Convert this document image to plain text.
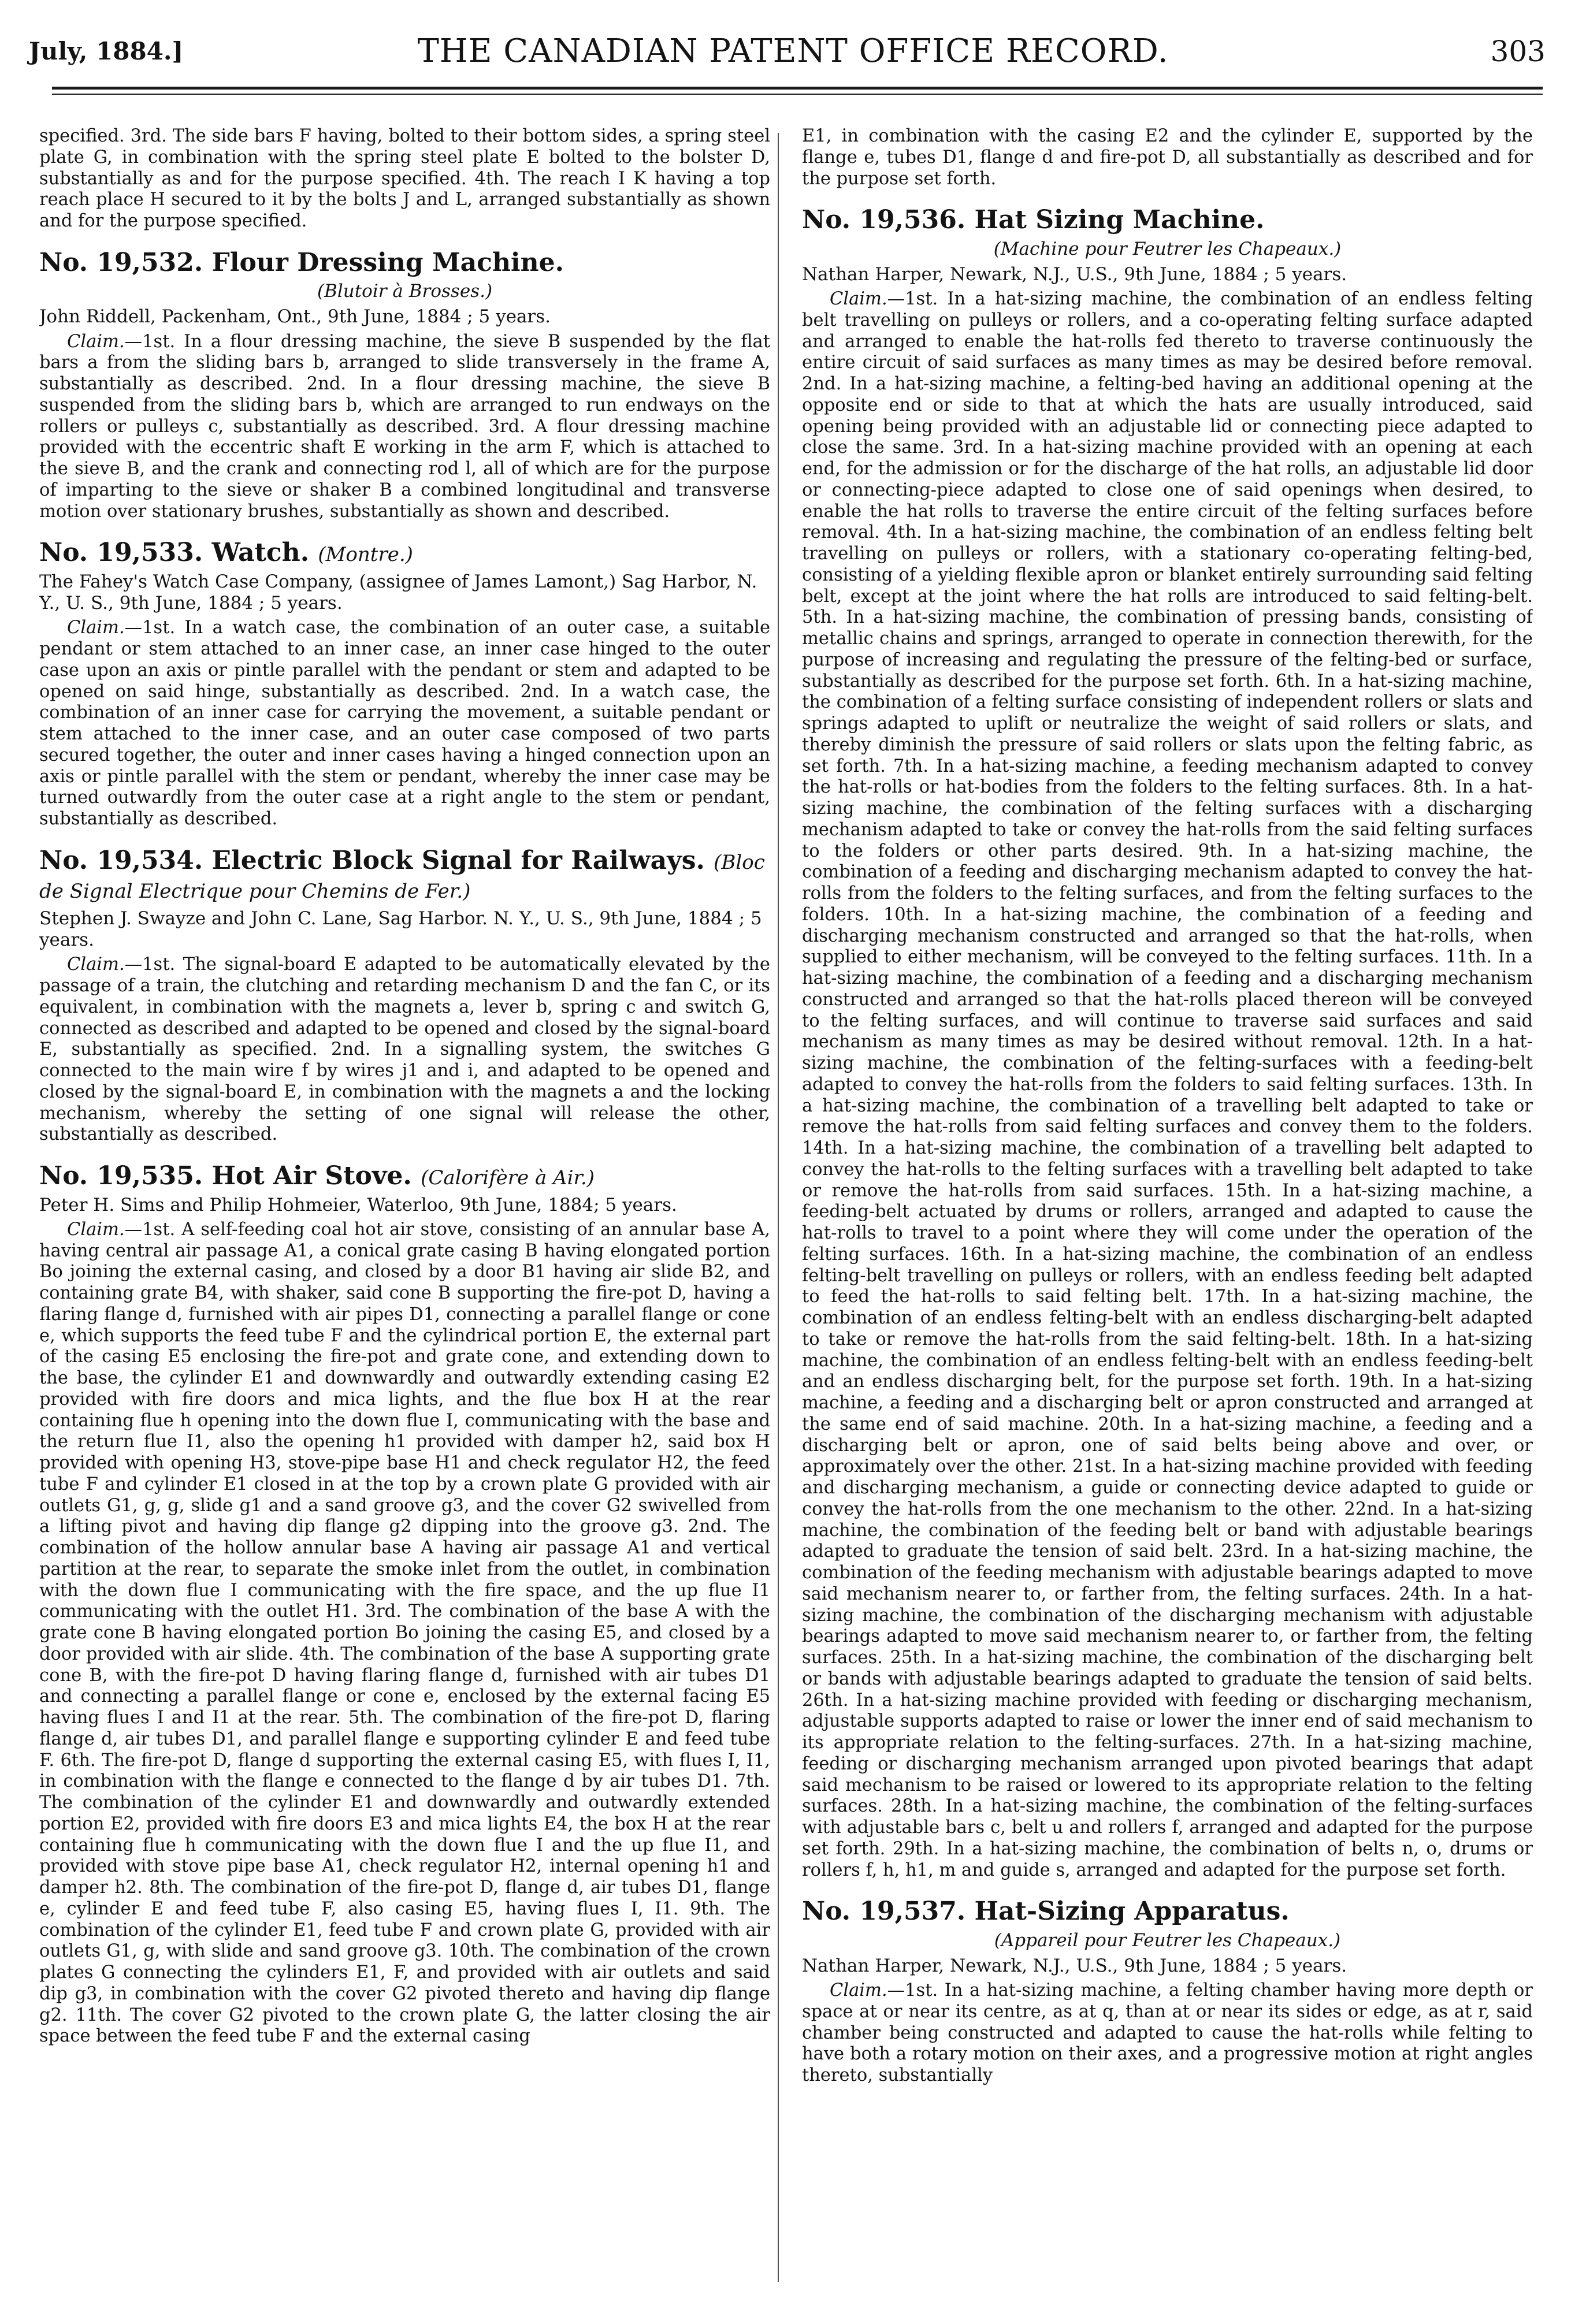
July, 1884.]	THE CANADIAN PATENT OFFICE RECORD.	303

specified. 3rd. The side bars F having, bolted to their bottom sides, a spring steel plate G, in combination with the spring steel plate E bolted to the bolster D, substantially as and for the purpose specified. 4th. The reach I K having a top reach place H secured to it by the bolts J and L, arranged substantially as shown and for the purpose specified.

No. 19,532. Flour Dressing Machine.
(Blutoir à Brosses.)

John Riddell, Packenham, Ont., 9th June, 1884 ; 5 years.

Claim.—1st. In a flour dressing machine, the sieve B suspended by the flat bars a from the sliding bars b, arranged to slide transversely in the frame A, substantially as described. 2nd. In a flour dressing machine, the sieve B suspended from the sliding bars b, which are arranged to run endways on the rollers or pulleys c, substantially as described. 3rd. A flour dressing machine provided with the eccentric shaft E working in the arm F, which is attached to the sieve B, and the crank and connecting rod l, all of which are for the purpose of imparting to the sieve or shaker B a combined longitudinal and transverse motion over stationary brushes, substantially as shown and described.

No. 19,533. Watch. (Montre.)

The Fahey's Watch Case Company, (assignee of James Lamont,) Sag Harbor, N. Y., U. S., 9th June, 1884 ; 5 years.

Claim.—1st. In a watch case, the combination of an outer case, a suitable pendant or stem attached to an inner case, an inner case hinged to the outer case upon an axis or pintle parallel with the pendant or stem and adapted to be opened on said hinge, substantially as described. 2nd. In a watch case, the combination of an inner case for carrying the movement, a suitable pendant or stem attached to the inner case, and an outer case composed of two parts secured together, the outer and inner cases having a hinged connection upon an axis or pintle parallel with the stem or pendant, whereby the inner case may be turned outwardly from the outer case at a right angle to the stem or pendant, substantially as described.

No. 19,534. Electric Block Signal for Railways. (Bloc de Signal Electrique pour Chemins de Fer.)

Stephen J. Swayze and John C. Lane, Sag Harbor. N. Y., U. S., 9th June, 1884 ; 5 years.

Claim.—1st. The signal-board E adapted to be automatically elevated by the passage of a train, the clutching and retarding mechanism D and the fan C, or its equivalent, in combination with the magnets a, lever b, spring c and switch G, connected as described and adapted to be opened and closed by the signal-board E, substantially as specified. 2nd. In a signalling system, the switches G connected to the main wire f by wires j1 and i, and adapted to be opened and closed by the signal-board E, in combination with the magnets a and the locking mechanism, whereby the setting of one signal will release the other, substantially as described.

No. 19,535. Hot Air Stove. (Calorifère à Air.)

Peter H. Sims and Philip Hohmeier, Waterloo, 9th June, 1884; 5 years.

Claim.—1st. A self-feeding coal hot air stove, consisting of an annular base A, having central air passage A1, a conical grate casing B having elongated portion Bo joining the external casing, and closed by a door B1 having air slide B2, and containing grate B4, with shaker, said cone B supporting the fire-pot D, having a flaring flange d, furnished with air pipes D1, connecting a parallel flange or cone e, which supports the feed tube F and the cylindrical portion E, the external part of the casing E5 enclosing the fire-pot and grate cone, and extending down to the base, the cylinder E1 and downwardly and outwardly extending casing E2 provided with fire doors and mica lights, and the flue box H at the rear containing flue h opening into the down flue I, communicating with the base and the return flue I1, also the opening h1 provided with damper h2, said box H provided with opening H3, stove-pipe base H1 and check regulator H2, the feed tube F and cylinder E1 closed in at the top by a crown plate G provided with air outlets G1, g, g, slide g1 and a sand groove g3, and the cover G2 swivelled from a lifting pivot and having dip flange g2 dipping into the groove g3. 2nd. The combination of the hollow annular base A having air passage A1 and vertical partition at the rear, to separate the smoke inlet from the outlet, in combination with the down flue I communicating with the fire space, and the up flue I1 communicating with the outlet H1. 3rd. The combination of the base A with the grate cone B having elongated portion Bo joining the casing E5, and closed by a door provided with air slide. 4th. The combination of the base A supporting grate cone B, with the fire-pot D having flaring flange d, furnished with air tubes D1 and connecting a parallel flange or cone e, enclosed by the external facing E5 having flues I and I1 at the rear. 5th. The combination of the fire-pot D, flaring flange d, air tubes D1, and parallel flange e supporting cylinder E and feed tube F. 6th. The fire-pot D, flange d supporting the external casing E5, with flues I, I1, in combination with the flange e connected to the flange d by air tubes D1. 7th. The combination of the cylinder E1 and downwardly and outwardly extended portion E2, provided with fire doors E3 and mica lights E4, the box H at the rear containing flue h communicating with the down flue I and the up flue I1, and provided with stove pipe base A1, check regulator H2, internal opening h1 and damper h2. 8th. The combination of the fire-pot D, flange d, air tubes D1, flange e, cylinder E and feed tube F, also casing E5, having flues I, I1. 9th. The combination of the cylinder E1, feed tube F and crown plate G, provided with air outlets G1, g, with slide and sand groove g3. 10th. The combination of the crown plates G connecting the cylinders E1, F, and provided with air outlets and said dip g3, in combination with the cover G2 pivoted thereto and having dip flange g2. 11th. The cover G2 pivoted to the crown plate G, the latter closing the air space between the feed tube F and the external casing

E1, in combination with the casing E2 and the cylinder E, supported by the flange e, tubes D1, flange d and fire-pot D, all substantially as described and for the purpose set forth.

No. 19,536. Hat Sizing Machine.
(Machine pour Feutrer les Chapeaux.)

Nathan Harper, Newark, N.J., U.S., 9th June, 1884 ; 5 years.

Claim.—1st. In a hat-sizing machine, the combination of an endless felting belt travelling on pulleys or rollers, and a co-operating felting surface adapted and arranged to enable the hat-rolls fed thereto to traverse continuously the entire circuit of said surfaces as many times as may be desired before removal. 2nd. In a hat-sizing machine, a felting-bed having an additional opening at the opposite end or side to that at which the hats are usually introduced, said opening being provided with an adjustable lid or connecting piece adapted to close the same. 3rd. In a hat-sizing machine provided with an opening at each end, for the admission or for the discharge of the hat rolls, an adjustable lid door or connecting-piece adapted to close one of said openings when desired, to enable the hat rolls to traverse the entire circuit of the felting surfaces before removal. 4th. In a hat-sizing machine, the combination of an endless felting belt travelling on pulleys or rollers, with a stationary co-operating felting-bed, consisting of a yielding flexible apron or blanket entirely surrounding said felting belt, except at the joint where the hat rolls are introduced to said felting-belt. 5th. In a hat-sizing machine, the combination of pressing bands, consisting of metallic chains and springs, arranged to operate in connection therewith, for the purpose of increasing and regulating the pressure of the felting-bed or surface, substantially as described for the purpose set forth. 6th. In a hat-sizing machine, the combination of a felting surface consisting of independent rollers or slats and springs adapted to uplift or neutralize the weight of said rollers or slats, and thereby diminish the pressure of said rollers or slats upon the felting fabric, as set forth. 7th. In a hat-sizing machine, a feeding mechanism adapted to convey the hat-rolls or hat-bodies from the folders to the felting surfaces. 8th. In a hat-sizing machine, the combination of the felting surfaces with a discharging mechanism adapted to take or convey the hat-rolls from the said felting surfaces to the folders or other parts desired. 9th. In a hat-sizing machine, the combination of a feeding and discharging mechanism adapted to convey the hat-rolls from the folders to the felting surfaces, and from the felting surfaces to the folders. 10th. In a hat-sizing machine, the combination of a feeding and discharging mechanism constructed and arranged so that the hat-rolls, when supplied to either mechanism, will be conveyed to the felting surfaces. 11th. In a hat-sizing machine, the combination of a feeding and a discharging mechanism constructed and arranged so that the hat-rolls placed thereon will be conveyed to the felting surfaces, and will continue to traverse said surfaces and said mechanism as many times as may be desired without removal. 12th. In a hat-sizing machine, the combination of the felting-surfaces with a feeding-belt adapted to convey the hat-rolls from the folders to said felting surfaces. 13th. In a hat-sizing machine, the combination of a travelling belt adapted to take or remove the hat-rolls from said felting surfaces and convey them to the folders. 14th. In a hat-sizing machine, the combination of a travelling belt adapted to convey the hat-rolls to the felting surfaces with a travelling belt adapted to take or remove the hat-rolls from said surfaces. 15th. In a hat-sizing machine, a feeding-belt actuated by drums or rollers, arranged and adapted to cause the hat-rolls to travel to a point where they will come under the operation of the felting surfaces. 16th. In a hat-sizing machine, the combination of an endless felting-belt travelling on pulleys or rollers, with an endless feeding belt adapted to feed the hat-rolls to said felting belt. 17th. In a hat-sizing machine, the combination of an endless felting-belt with an endless discharging-belt adapted to take or remove the hat-rolls from the said felting-belt. 18th. In a hat-sizing machine, the combination of an endless felting-belt with an endless feeding-belt and an endless discharging belt, for the purpose set forth. 19th. In a hat-sizing machine, a feeding and a discharging belt or apron constructed and arranged at the same end of said machine. 20th. In a hat-sizing machine, a feeding and a discharging belt or apron, one of said belts being above and over, or approximately over the other. 21st. In a hat-sizing machine provided with feeding and discharging mechanism, a guide or connecting device adapted to guide or convey the hat-rolls from the one mechanism to the other. 22nd. In a hat-sizing machine, the combination of the feeding belt or band with adjustable bearings adapted to graduate the tension of said belt. 23rd. In a hat-sizing machine, the combination of the feeding mechanism with adjustable bearings adapted to move said mechanism nearer to, or farther from, the felting surfaces. 24th. In a hat-sizing machine, the combination of the discharging mechanism with adjustable bearings adapted to move said mechanism nearer to, or farther from, the felting surfaces. 25th. In a hat-sizing machine, the combination of the discharging belt or bands with adjustable bearings adapted to graduate the tension of said belts. 26th. In a hat-sizing machine provided with feeding or discharging mechanism, adjustable supports adapted to raise or lower the inner end of said mechanism to its appropriate relation to the felting-surfaces. 27th. In a hat-sizing machine, feeding or discharging mechanism arranged upon pivoted bearings that adapt said mechanism to be raised or lowered to its appropriate relation to the felting surfaces. 28th. In a hat-sizing machine, the combination of the felting-surfaces with adjustable bars c, belt u and rollers f, arranged and adapted for the purpose set forth. 29th. In a hat-sizing machine, the combination of belts n, o, drums or rollers f, h, h1, m and guide s, arranged and adapted for the purpose set forth.

No. 19,537. Hat-Sizing Apparatus.
(Appareil pour Feutrer les Chapeaux.)

Nathan Harper, Newark, N.J., U.S., 9th June, 1884 ; 5 years.

Claim.—1st. In a hat-sizing machine, a felting chamber having more depth or space at or near its centre, as at q, than at or near its sides or edge, as at r, said chamber being constructed and adapted to cause the hat-rolls while felting to have both a rotary motion on their axes, and a progressive motion at right angles thereto, substantially
